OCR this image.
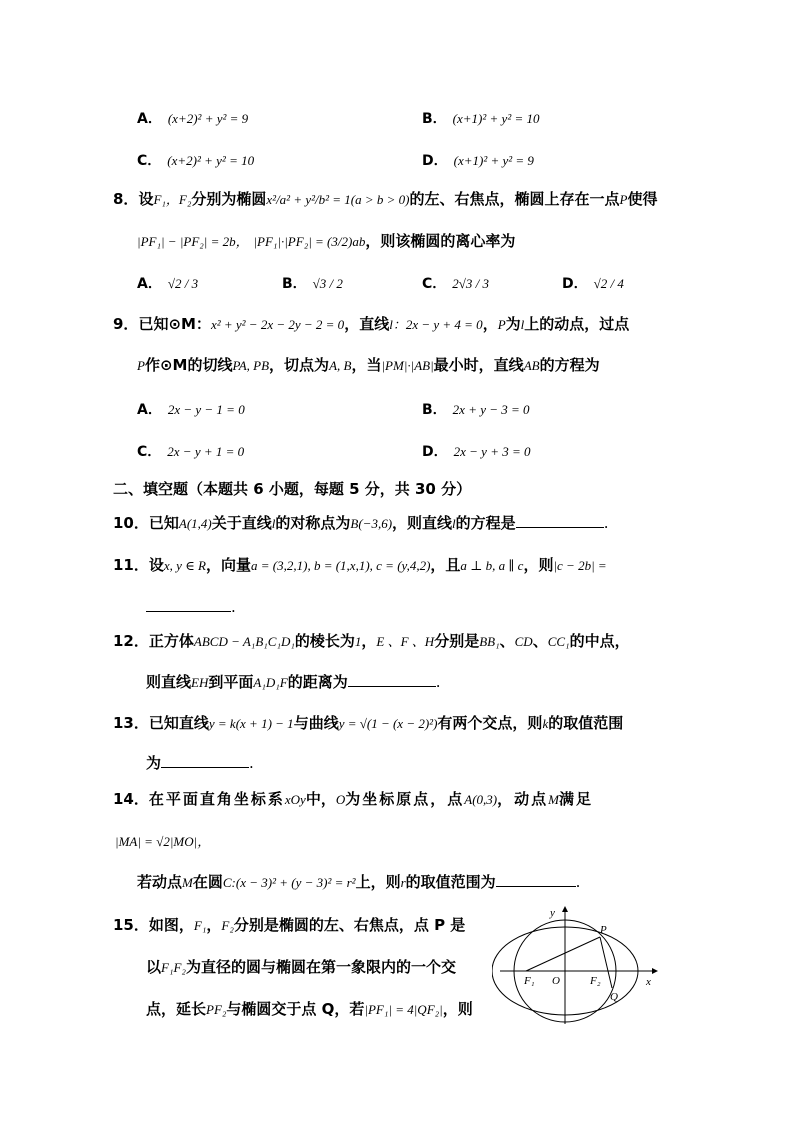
A． (x+2)² + y² = 9	B． (x+1)² + y² = 10
C． (x+2)² + y² = 10	D． (x+1)² + y² = 9
8．设F₁，F₂分别为椭圆x²/a² + y²/b² = 1(a > b > 0)的左、右焦点，椭圆上存在一点P使得
|PF₁| − |PF₂| = 2b， |PF₁|·|PF₂| = (3/2)ab，则该椭圆的离心率为
A． √2 / 3	B． √3 / 2	C． 2√3 / 3	D． √2 / 4
9．已知⊙M：x² + y² − 2x − 2y − 2 = 0，直线l：2x − y + 4 = 0，P为l上的动点，过点
P作⊙M的切线PA, PB，切点为A, B，当|PM|·|AB|最小时，直线AB的方程为
A． 2x − y − 1 = 0	B． 2x + y − 3 = 0
C． 2x − y + 1 = 0	D． 2x − y + 3 = 0
二、填空题（本题共 6 小题，每题 5 分，共 30 分）
10．已知A(1,4)关于直线l的对称点为B(−3,6)，则直线l的方程是	.
11．设x, y ∈ R，向量a = (3,2,1), b = (1,x,1), c = (y,4,2)，且a ⊥ b, a ∥ c，则|c − 2b| =
.
12．正方体ABCD − A₁B₁C₁D₁的棱长为1，E 、F 、H分别是BB₁、CD、CC₁的中点，
则直线EH到平面A₁D₁F的距离为	.
13．已知直线y = k(x + 1) − 1与曲线y = √(1 − (x − 2)²)有两个交点，则k的取值范围
为	.
14．在平面直角坐标系xOy中，O为坐标原点，点A(0,3)，动点M满足
|MA| = √2|MO|，
若动点M在圆C:(x − 3)² + (y − 3)² = r²上，则r的取值范围为	.
15．如图，F₁，F₂分别是椭圆的左、右焦点，点 P 是
以F₁F₂为直径的圆与椭圆在第一象限内的一个交
点，延长PF₂与椭圆交于点 Q，若|PF₁| = 4|QF₂|，则
y
x
P
O
F₁	F₂
Q
